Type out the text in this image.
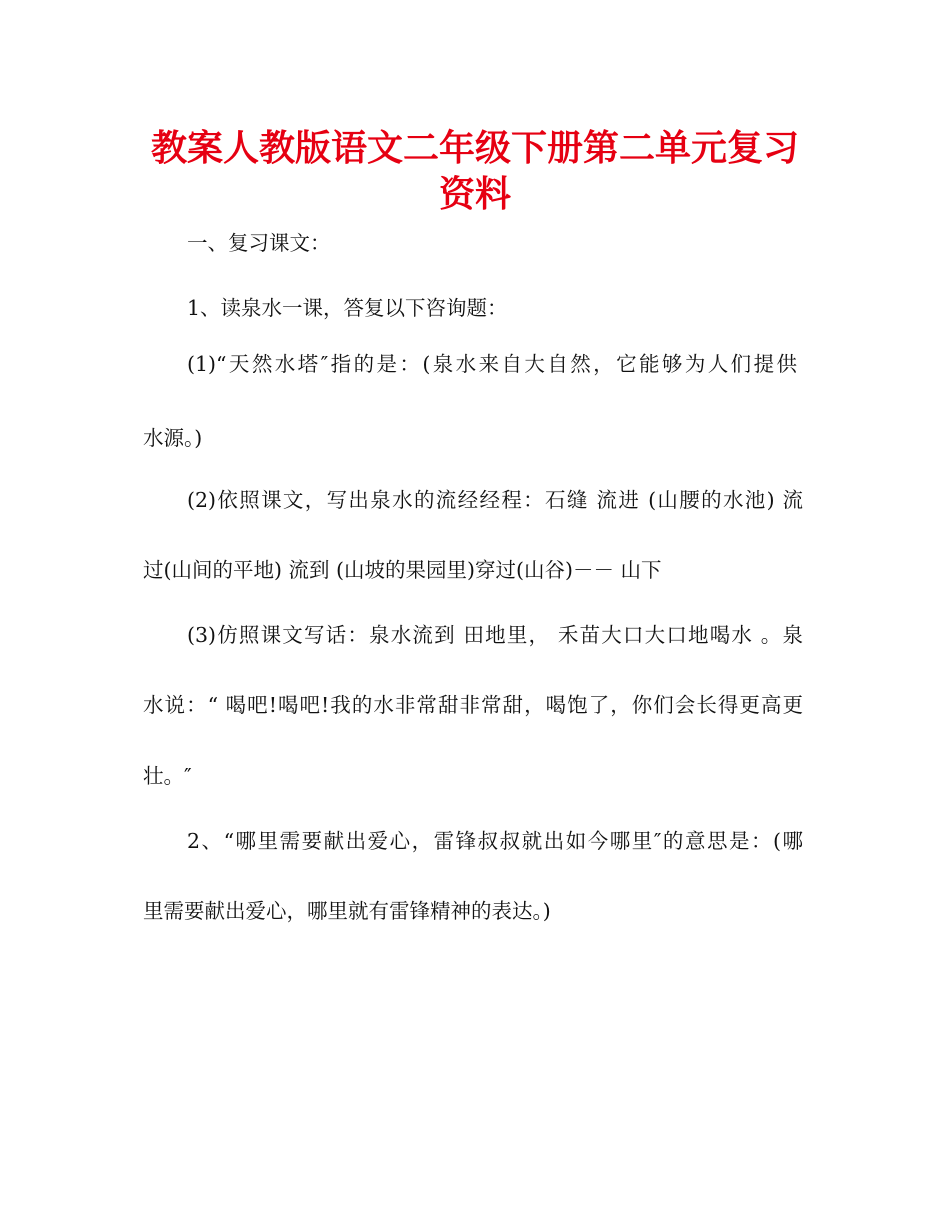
教案人教版语文二年级下册第二单元复习
资料

一、复习课文：

1、读泉水一课，答复以下咨询题：

(1)“天然水塔″指的是：(泉水来自大自然，它能够为人们提供

水源。)

(2)依照课文，写出泉水的流经经程：石缝 流进 (山腰的水池) 流

过(山间的平地) 流到 (山坡的果园里)穿过(山谷)－－ 山下

(3)仿照课文写话：泉水流到 田地里， 禾苗大口大口地喝水 。泉

水说：“ 喝吧!喝吧!我的水非常甜非常甜，喝饱了，你们会长得更高更

壮。″

2、“哪里需要献出爱心，雷锋叔叔就出如今哪里″的意思是：(哪

里需要献出爱心，哪里就有雷锋精神的表达。)
